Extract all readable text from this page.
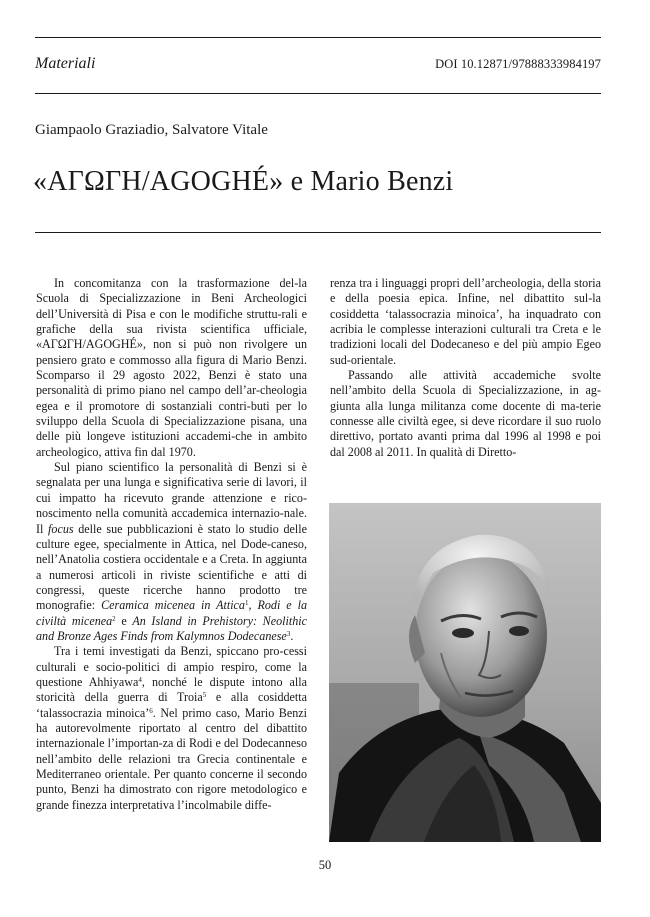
Materiali	DOI 10.12871/97888333984197
Giampaolo Graziadio, Salvatore Vitale
«ΑΓΩΓΗ/AGOGHÉ» e Mario Benzi

In concomitanza con la trasformazione del-la Scuola di Specializzazione in Beni Archeologici dell’Università di Pisa e con le modifiche struttu-rali e grafiche della sua rivista scientifica ufficiale, «ΑΓΩΓΗ/AGOGHÉ», non si può non rivolgere un pensiero grato e commosso alla figura di Mario Benzi. Scomparso il 29 agosto 2022, Benzi è stato una personalità di primo piano nel campo dell’ar-cheologia egea e il promotore di sostanziali contri-buti per lo sviluppo della Scuola di Specializzazione pisana, una delle più longeve istituzioni accademi-che in ambito archeologico, attiva fin dal 1970.

Sul piano scientifico la personalità di Benzi si è segnalata per una lunga e significativa serie di lavori, il cui impatto ha ricevuto grande attenzione e rico-noscimento nella comunità accademica internazio-nale. Il focus delle sue pubblicazioni è stato lo studio delle culture egee, specialmente in Attica, nel Dode-caneso, nell’Anatolia costiera occidentale e a Creta. In aggiunta a numerosi articoli in riviste scientifiche e atti di congressi, queste ricerche hanno prodotto tre monografie: Ceramica micenea in Attica$^1$, Rodi e la civiltà micenea$^2$ e An Island in Prehistory: Neolithic and Bronze Ages Finds from Kalymnos Dodecanese$^3$.

Tra i temi investigati da Benzi, spiccano pro-cessi culturali e socio-politici di ampio respiro, come la questione Ahhiyawa$^4$, nonché le dispute intono alla storicità della guerra di Troia$^5$ e alla cosiddetta ‘talassocrazia minoica’$^6$. Nel primo caso, Mario Benzi ha autorevolmente riportato al centro del dibattito internazionale l’importan-za di Rodi e del Dodecanneso nell’ambito delle relazioni tra Grecia continentale e Mediterraneo orientale. Per quanto concerne il secondo punto, Benzi ha dimostrato con rigore metodologico e grande finezza interpretativa l’incolmabile diffe-

renza tra i linguaggi propri dell’archeologia, della storia e della poesia epica. Infine, nel dibattito sul-la cosiddetta ‘talassocrazia minoica’, ha inquadrato con acribia le complesse interazioni culturali tra Creta e le tradizioni locali del Dodecaneso e del più ampio Egeo sud-orientale.

Passando alle attività accademiche svolte nell’ambito della Scuola di Specializzazione, in ag-giunta alla lunga militanza come docente di ma-terie connesse alle civiltà egee, si deve ricordare il suo ruolo direttivo, portato avanti prima dal 1996 al 1998 e poi dal 2008 al 2011. In qualità di Diretto-

50
